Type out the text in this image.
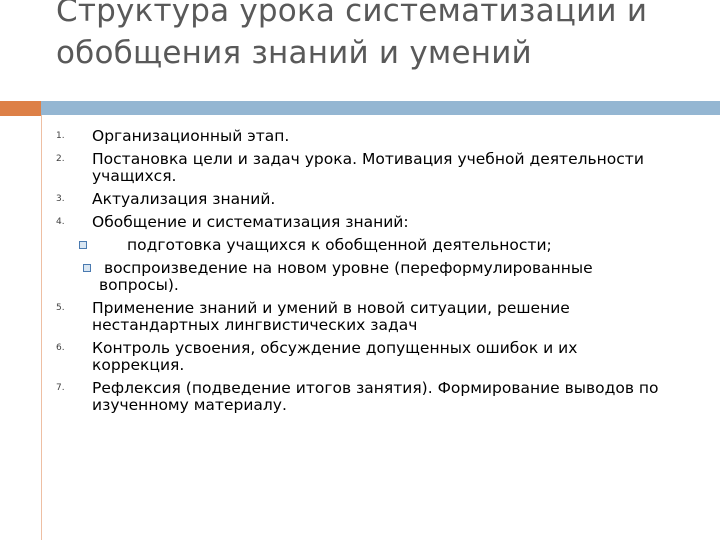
Структура урока систематизации и
обобщения знаний и умений
1. Организационный этап.
2. Постановка цели и задач урока. Мотивация учебной деятельности
учащихся.
3. Актуализация знаний.
4. Обобщение и систематизация знаний:
подготовка учащихся к обобщенной деятельности;
воспроизведение на новом уровне (переформулированные
вопросы).
5. Применение знаний и умений в новой ситуации, решение
нестандартных лингвистических задач
6. Контроль усвоения, обсуждение допущенных ошибок и их
коррекция.
7. Рефлексия (подведение итогов занятия). Формирование выводов по
изученному материалу.
